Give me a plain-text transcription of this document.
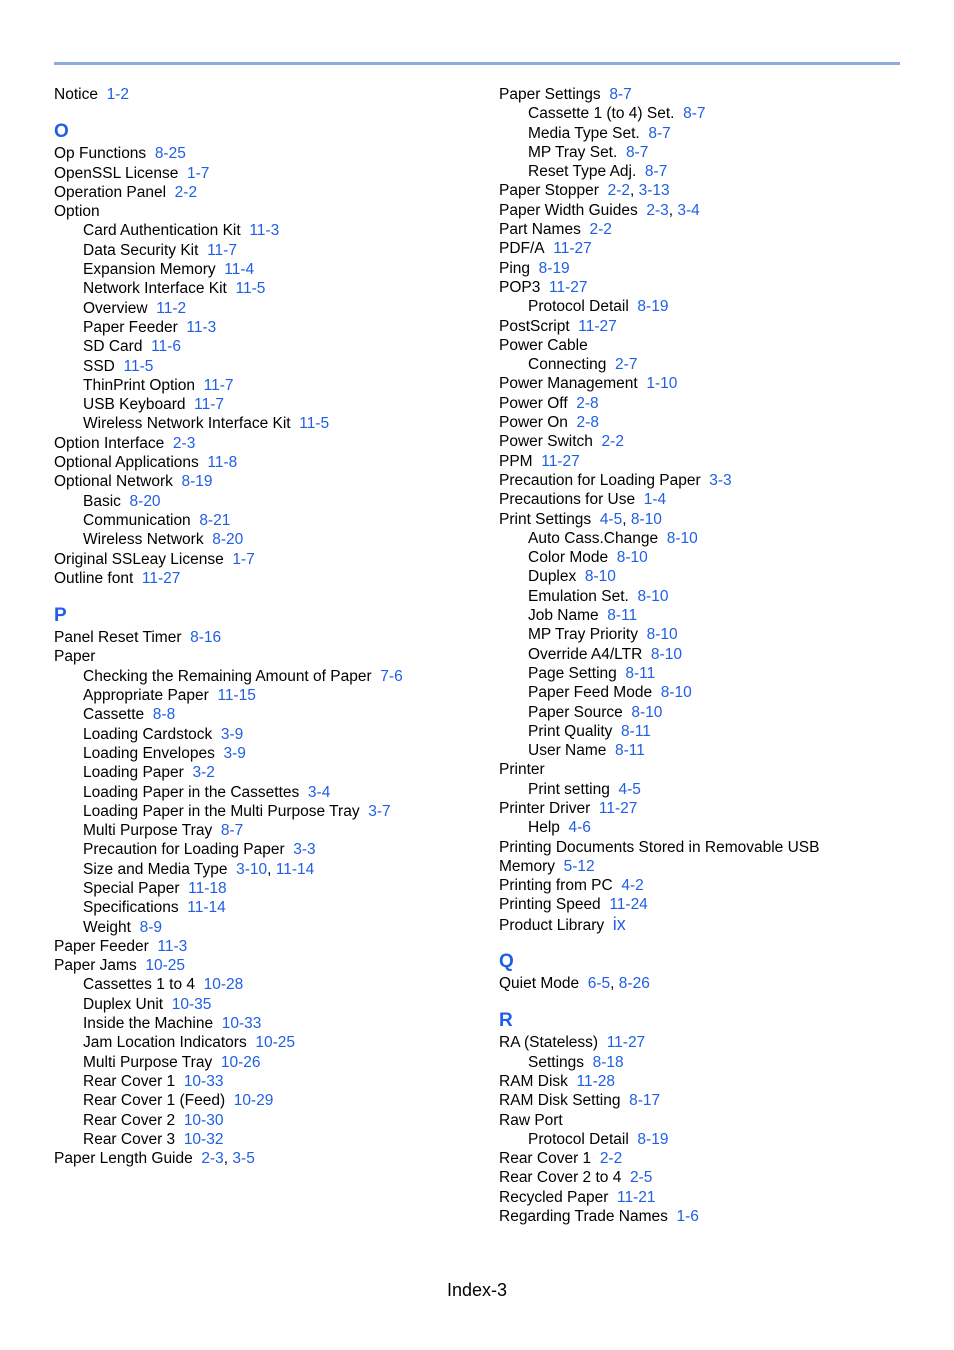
Notice 1-2
O
Op Functions 8-25
OpenSSL License 1-7
Operation Panel 2-2
Option
Card Authentication Kit 11-3
Data Security Kit 11-7
Expansion Memory 11-4
Network Interface Kit 11-5
Overview 11-2
Paper Feeder 11-3
SD Card 11-6
SSD 11-5
ThinPrint Option 11-7
USB Keyboard 11-7
Wireless Network Interface Kit 11-5
Option Interface 2-3
Optional Applications 11-8
Optional Network 8-19
Basic 8-20
Communication 8-21
Wireless Network 8-20
Original SSLeay License 1-7
Outline font 11-27
P
Panel Reset Timer 8-16
Paper
Checking the Remaining Amount of Paper 7-6
Appropriate Paper 11-15
Cassette 8-8
Loading Cardstock 3-9
Loading Envelopes 3-9
Loading Paper 3-2
Loading Paper in the Cassettes 3-4
Loading Paper in the Multi Purpose Tray 3-7
Multi Purpose Tray 8-7
Precaution for Loading Paper 3-3
Size and Media Type 3-10, 11-14
Special Paper 11-18
Specifications 11-14
Weight 8-9
Paper Feeder 11-3
Paper Jams 10-25
Cassettes 1 to 4 10-28
Duplex Unit 10-35
Inside the Machine 10-33
Jam Location Indicators 10-25
Multi Purpose Tray 10-26
Rear Cover 1 10-33
Rear Cover 1 (Feed) 10-29
Rear Cover 2 10-30
Rear Cover 3 10-32
Paper Length Guide 2-3, 3-5
Paper Settings 8-7
Cassette 1 (to 4) Set. 8-7
Media Type Set. 8-7
MP Tray Set. 8-7
Reset Type Adj. 8-7
Paper Stopper 2-2, 3-13
Paper Width Guides 2-3, 3-4
Part Names 2-2
PDF/A 11-27
Ping 8-19
POP3 11-27
Protocol Detail 8-19
PostScript 11-27
Power Cable
Connecting 2-7
Power Management 1-10
Power Off 2-8
Power On 2-8
Power Switch 2-2
PPM 11-27
Precaution for Loading Paper 3-3
Precautions for Use 1-4
Print Settings 4-5, 8-10
Auto Cass.Change 8-10
Color Mode 8-10
Duplex 8-10
Emulation Set. 8-10
Job Name 8-11
MP Tray Priority 8-10
Override A4/LTR 8-10
Page Setting 8-11
Paper Feed Mode 8-10
Paper Source 8-10
Print Quality 8-11
User Name 8-11
Printer
Print setting 4-5
Printer Driver 11-27
Help 4-6
Printing Documents Stored in Removable USB
Memory 5-12
Printing from PC 4-2
Printing Speed 11-24
Product Library ix
Q
Quiet Mode 6-5, 8-26
R
RA (Stateless) 11-27
Settings 8-18
RAM Disk 11-28
RAM Disk Setting 8-17
Raw Port
Protocol Detail 8-19
Rear Cover 1 2-2
Rear Cover 2 to 4 2-5
Recycled Paper 11-21
Regarding Trade Names 1-6
Index-3
